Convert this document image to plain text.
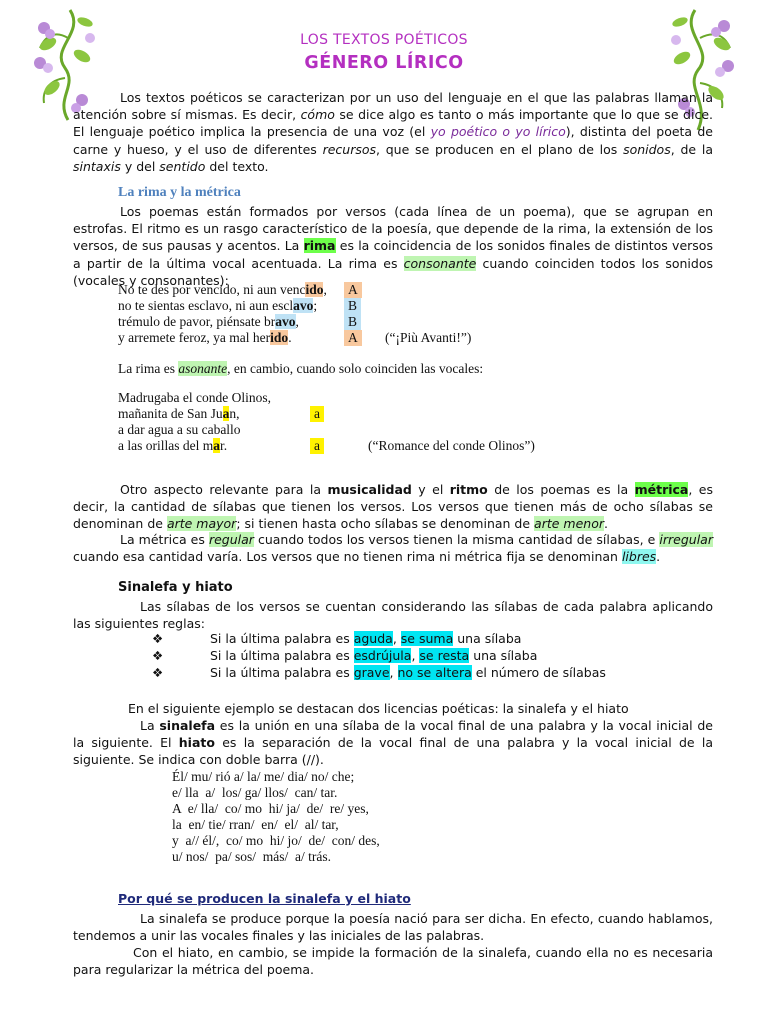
LOS TEXTOS POÉTICOS
GÉNERO LÍRICO
Los textos poéticos se caracterizan por un uso del lenguaje en el que las palabras llaman la atención sobre sí mismas. Es decir, cómo se dice algo es tanto o más importante que lo que se dice. El lenguaje poético implica la presencia de una voz (el yo poético o yo lírico), distinta del poeta de carne y hueso, y el uso de diferentes recursos, que se producen en el plano de los sonidos, de la sintaxis y del sentido del texto.
La rima y la métrica
Los poemas están formados por versos (cada línea de un poema), que se agrupan en estrofas. El ritmo es un rasgo característico de la poesía, que depende de la rima, la extensión de los versos, de sus pausas y acentos. La rima es la coincidencia de los sonidos finales de distintos versos a partir de la última vocal acentuada. La rima es consonante cuando coinciden todos los sonidos (vocales y consonantes):
No te des por vencido, ni aun vencido, A
no te sientas esclavo, ni aun esclavo; B
trémulo de pavor, piénsate bravo,	B
y arremete feroz, ya mal herido.	A (“¡Più Avanti!”)
La rima es asonante, en cambio, cuando solo coinciden las vocales:
Madrugaba el conde Olinos,
mañanita de San Juan,	a
a dar agua a su caballo
a las orillas del mar.	a	(“Romance del conde Olinos”)
Otro aspecto relevante para la musicalidad y el ritmo de los poemas es la métrica, es decir, la cantidad de sílabas que tienen los versos. Los versos que tienen más de ocho sílabas se denominan de arte mayor; si tienen hasta ocho sílabas se denominan de arte menor.
La métrica es regular cuando todos los versos tienen la misma cantidad de sílabas, e irregular cuando esa cantidad varía. Los versos que no tienen rima ni métrica fija se denominan libres.
Sinalefa y hiato
Las sílabas de los versos se cuentan considerando las sílabas de cada palabra aplicando las siguientes reglas:
❖	Si la última palabra es aguda, se suma una sílaba
❖	Si la última palabra es esdrújula, se resta una sílaba
❖	Si la última palabra es grave, no se altera el número de sílabas
En el siguiente ejemplo se destacan dos licencias poéticas: la sinalefa y el hiato
La sinalefa es la unión en una sílaba de la vocal final de una palabra y la vocal inicial de la siguiente. El hiato es la separación de la vocal final de una palabra y la vocal inicial de la siguiente. Se indica con doble barra (//).
Él/ mu/ rió a/ la/ me/ dia/ no/ che;
e/ lla  a/  los/ ga/ llos/  can/ tar.
A  e/ lla/  co/ mo  hi/ ja/  de/  re/ yes,
la  en/ tie/ rran/  en/  el/  al/ tar,
y  a// él/,  co/ mo  hi/ jo/  de/  con/ des,
u/ nos/  pa/ sos/  más/  a/ trás.
Por qué se producen la sinalefa y el hiato
La sinalefa se produce porque la poesía nació para ser dicha. En efecto, cuando hablamos, tendemos a unir las vocales finales y las iniciales de las palabras.
Con el hiato, en cambio, se impide la formación de la sinalefa, cuando ella no es necesaria para regularizar la métrica del poema.
